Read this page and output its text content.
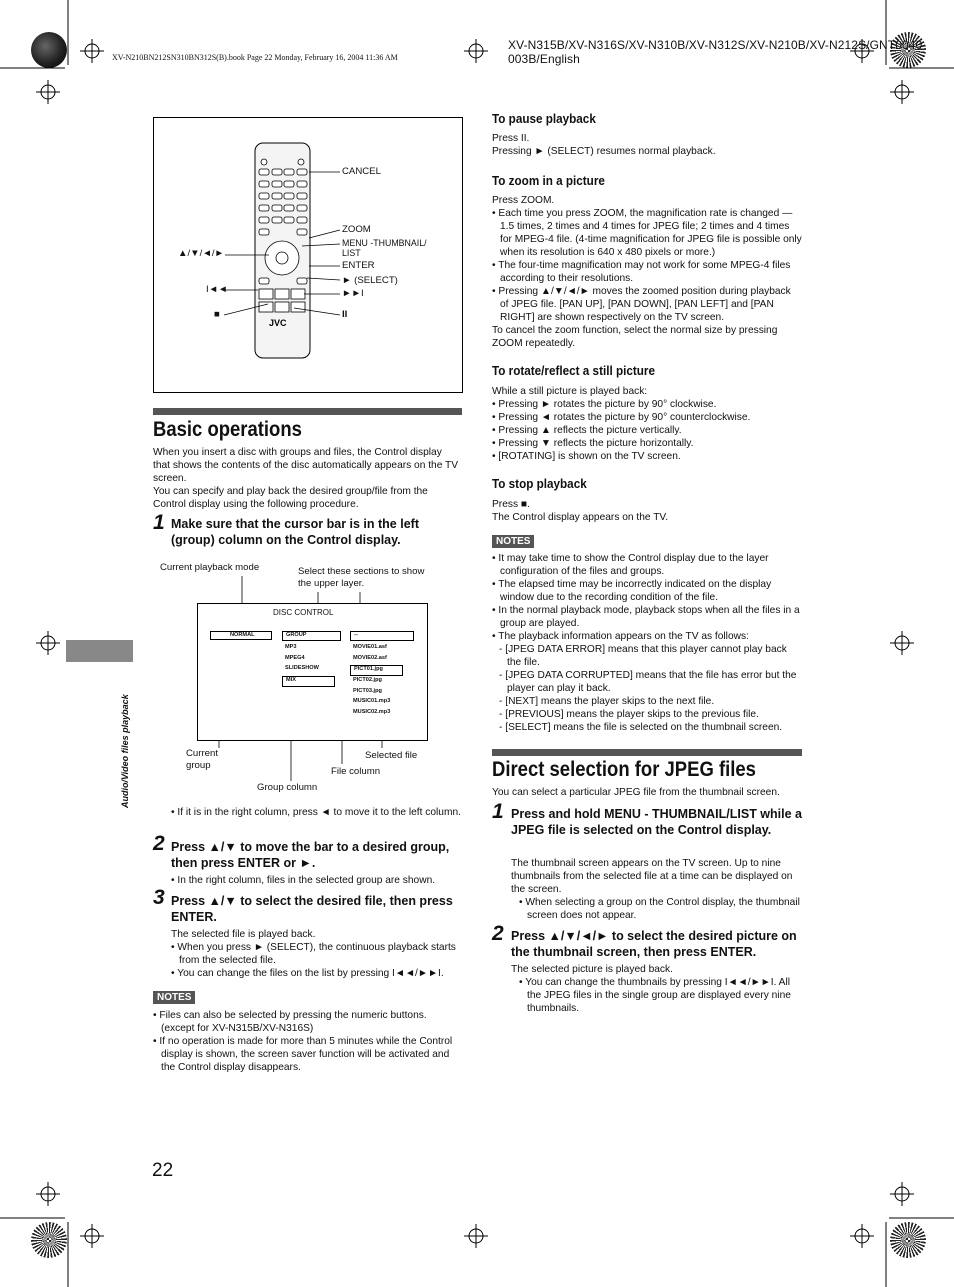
XV-N315B/XV-N316S/XV-N310B/XV-N312S/XV-N210B/XV-N212S/GNT0040-003B/English
XV-N210BN212SN310BN312S(B).book Page 22 Monday, February 16, 2004 11:36 AM
Audio/Video files playback
JVC
CANCEL
ZOOM
MENU -THUMBNAIL/
LIST
ENTER
► (SELECT)
▲/▼/◄/►
I◄◄
■
►►I
II
Basic operations
When you insert a disc with groups and files, the Control display that shows the contents of the disc automatically appears on the TV screen.
You can specify and play back the desired group/file from the Control display using the following procedure.
1 Make sure that the cursor bar is in the left (group) column on the Control display.
Current playback mode	Select these sections to show the upper layer.
DISC CONTROL
NORMAL	GROUP	--
MP3
MPEG4
SLIDESHOW
MIX
MOVIE01.asf
MOVIE02.asf
PICT01.jpg
PICT02.jpg
PICT03.jpg
MUSIC01.mp3
MUSIC02.mp3
Current group
Selected file
File column
Group column
• If it is in the right column, press ◄ to move it to the left column.
2 Press ▲/▼ to move the bar to a desired group, then press ENTER or ►.
• In the right column, files in the selected group are shown.
3 Press ▲/▼ to select the desired file, then press ENTER.

The selected file is played back.

• When you press ► (SELECT), the continuous playback starts from the selected file.

• You can change the files on the list by pressing I◄◄/►►I.

NOTES

• Files can also be selected by pressing the numeric buttons. (except for XV-N315B/XV-N316S)

• If no operation is made for more than 5 minutes while the Control display is shown, the screen saver function will be activated and the Control display disappears.

22
To pause playback

Press II.

Pressing ► (SELECT) resumes normal playback.

To zoom in a picture

Press ZOOM.

• Each time you press ZOOM, the magnification rate is changed — 1.5 times, 2 times and 4 times for JPEG file; 2 times and 4 times for MPEG-4 file. (4-time magnification for JPEG file is possible only when its resolution is 640 x 480 pixels or more.)

• The four-time magnification may not work for some MPEG-4 files according to their resolutions.

• Pressing ▲/▼/◄/► moves the zoomed position during playback of JPEG file. [PAN UP], [PAN DOWN], [PAN LEFT] and [PAN RIGHT] are shown respectively on the TV screen.

To cancel the zoom function, select the normal size by pressing ZOOM repeatedly.

To rotate/reflect a still picture

While a still picture is played back:

• Pressing ► rotates the picture by 90° clockwise.

• Pressing ◄ rotates the picture by 90° counterclockwise.

• Pressing ▲ reflects the picture vertically.

• Pressing ▼ reflects the picture horizontally.

• [ROTATING] is shown on the TV screen.

To stop playback

Press ■.

The Control display appears on the TV.

NOTES

• It may take time to show the Control display due to the layer configuration of the files and groups.

• The elapsed time may be incorrectly indicated on the display window due to the recording condition of the file.

• In the normal playback mode, playback stops when all the files in a group are played.

• The playback information appears on the TV as follows:

- [JPEG DATA ERROR] means that this player cannot play back the file.

- [JPEG DATA CORRUPTED] means that the file has error but the player can play it back.

- [NEXT] means the player skips to the next file.

- [PREVIOUS] means the player skips to the previous file.

- [SELECT] means the file is selected on the thumbnail screen.

Direct selection for JPEG files
You can select a particular JPEG file from the thumbnail screen.
1 Press and hold MENU - THUMBNAIL/LIST while a JPEG file is selected on the Control display.

The thumbnail screen appears on the TV screen. Up to nine thumbnails from the selected file at a time can be displayed on the screen.

• When selecting a group on the Control display, the thumbnail screen does not appear.

2 Press ▲/▼/◄/► to select the desired picture on the thumbnail screen, then press ENTER.

The selected picture is played back.

• You can change the thumbnails by pressing I◄◄/►►I. All the JPEG files in the single group are displayed every nine thumbnails.
